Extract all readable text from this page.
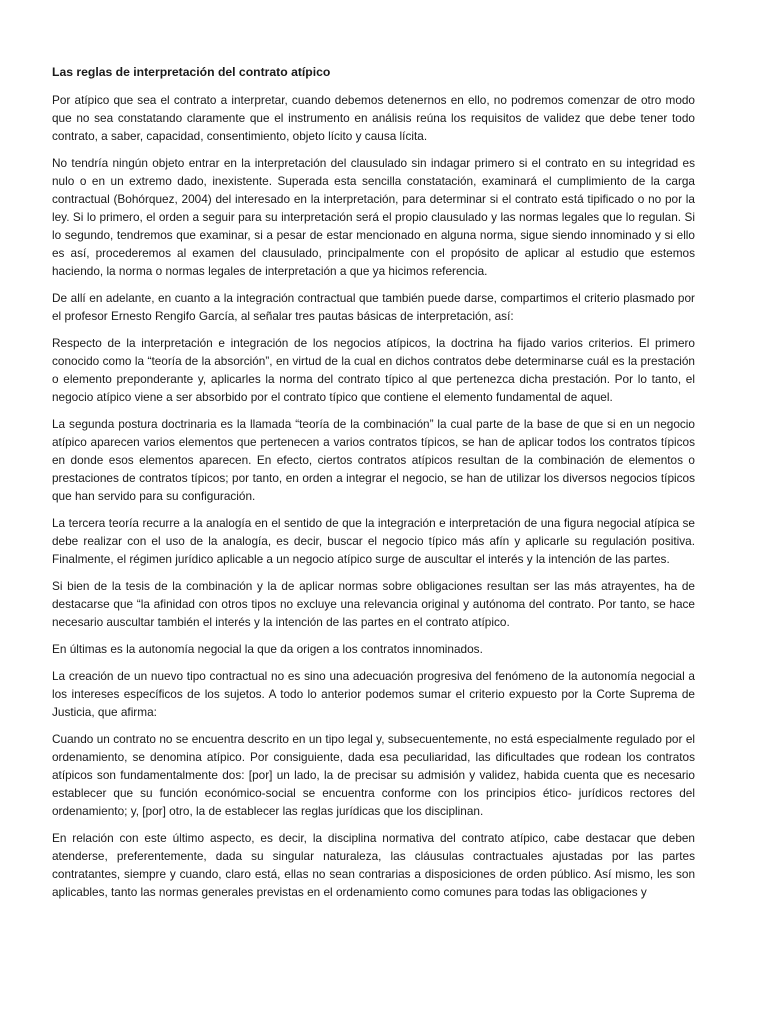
Las reglas de interpretación del contrato atípico

Por atípico que sea el contrato a interpretar, cuando debemos detenernos en ello, no podremos comenzar de otro modo que no sea constatando claramente que el instrumento en análisis reúna los requisitos de validez que debe tener todo contrato, a saber, capacidad, consentimiento, objeto lícito y causa lícita.

No tendría ningún objeto entrar en la interpretación del clausulado sin indagar primero si el contrato en su integridad es nulo o en un extremo dado, inexistente. Superada esta sencilla constatación, examinará el cumplimiento de la carga contractual (Bohórquez, 2004) del interesado en la interpretación, para determinar si el contrato está tipificado o no por la ley. Si lo primero, el orden a seguir para su interpretación será el propio clausulado y las normas legales que lo regulan. Si lo segundo, tendremos que examinar, si a pesar de estar mencionado en alguna norma, sigue siendo innominado y si ello es así, procederemos al examen del clausulado, principalmente con el propósito de aplicar al estudio que estemos haciendo, la norma o normas legales de interpretación a que ya hicimos referencia.

De allí en adelante, en cuanto a la integración contractual que también puede darse, compartimos el criterio plasmado por el profesor Ernesto Rengifo García, al señalar tres pautas básicas de interpretación, así:

Respecto de la interpretación e integración de los negocios atípicos, la doctrina ha fijado varios criterios. El primero conocido como la “teoría de la absorción”, en virtud de la cual en dichos contratos debe determinarse cuál es la prestación o elemento preponderante y, aplicarles la norma del contrato típico al que pertenezca dicha prestación. Por lo tanto, el negocio atípico viene a ser absorbido por el contrato típico que contiene el elemento fundamental de aquel.

La segunda postura doctrinaria es la llamada “teoría de la combinación” la cual parte de la base de que si en un negocio atípico aparecen varios elementos que pertenecen a varios contratos típicos, se han de aplicar todos los contratos típicos en donde esos elementos aparecen. En efecto, ciertos contratos atípicos resultan de la combinación de elementos o prestaciones de contratos típicos; por tanto, en orden a integrar el negocio, se han de utilizar los diversos negocios típicos que han servido para su configuración.

La tercera teoría recurre a la analogía en el sentido de que la integración e interpretación de una figura negocial atípica se debe realizar con el uso de la analogía, es decir, buscar el negocio típico más afín y aplicarle su regulación positiva. Finalmente, el régimen jurídico aplicable a un negocio atípico surge de auscultar el interés y la intención de las partes.

Si bien de la tesis de la combinación y la de aplicar normas sobre obligaciones resultan ser las más atrayentes, ha de destacarse que “la afinidad con otros tipos no excluye una relevancia original y autónoma del contrato. Por tanto, se hace necesario auscultar también el interés y la intención de las partes en el contrato atípico.

En últimas es la autonomía negocial la que da origen a los contratos innominados.

La creación de un nuevo tipo contractual no es sino una adecuación progresiva del fenómeno de la autonomía negocial a los intereses específicos de los sujetos. A todo lo anterior podemos sumar el criterio expuesto por la Corte Suprema de Justicia, que afirma:

Cuando un contrato no se encuentra descrito en un tipo legal y, subsecuentemente, no está especialmente regulado por el ordenamiento, se denomina atípico. Por consiguiente, dada esa peculiaridad, las dificultades que rodean los contratos atípicos son fundamentalmente dos: [por] un lado, la de precisar su admisión y validez, habida cuenta que es necesario establecer que su función económico-social se encuentra conforme con los principios ético- jurídicos rectores del ordenamiento; y, [por] otro, la de establecer las reglas jurídicas que los disciplinan.

En relación con este último aspecto, es decir, la disciplina normativa del contrato atípico, cabe destacar que deben atenderse, preferentemente, dada su singular naturaleza, las cláusulas contractuales ajustadas por las partes contratantes, siempre y cuando, claro está, ellas no sean contrarias a disposiciones de orden público. Así mismo, les son aplicables, tanto las normas generales previstas en el ordenamiento como comunes para todas las obligaciones y
